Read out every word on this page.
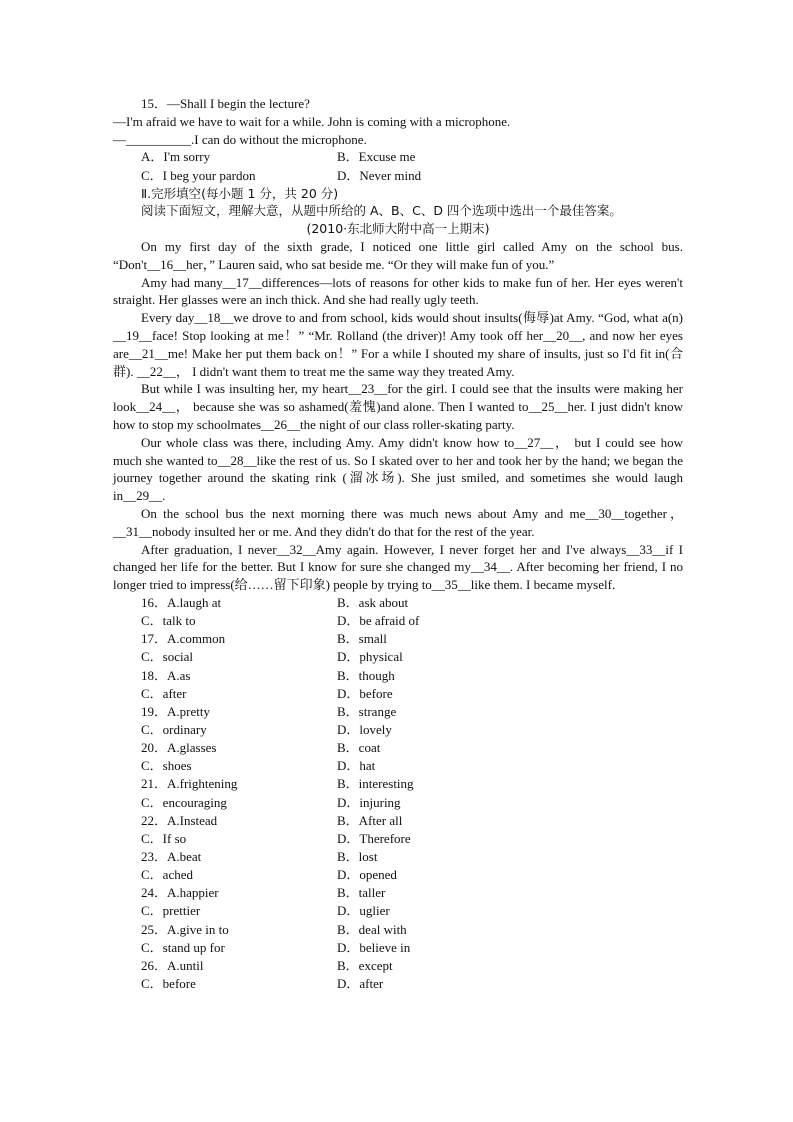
15．—Shall I begin the lecture?

—I'm afraid we have to wait for a while. John is coming with a microphone.

—__________.I can do without the microphone.

A．I'm sorry	B．Excuse me
C．I beg your pardon	D．Never mind

Ⅱ.完形填空(每小题 1 分，共 20 分)

阅读下面短文，理解大意，从题中所给的 A、B、C、D 四个选项中选出一个最佳答案。

(2010·东北师大附中高一上期末)

On my first day of the sixth grade, I noticed one little girl called Amy on the school bus. “Don't__16__her，” Lauren said, who sat beside me. “Or they will make fun of you.”

Amy had many__17__differences—lots of reasons for other kids to make fun of her. Her eyes weren't straight. Her glasses were an inch thick. And she had really ugly teeth.

Every day__18__we drove to and from school, kids would shout insults(侮辱)at Amy. “God, what a(n) __19__face! Stop looking at me！” “Mr. Rolland (the driver)! Amy took off her__20__, and now her eyes are__21__me! Make her put them back on！” For a while I shouted my share of insults, just so I'd fit in(合群). __22__， I didn't want them to treat me the same way they treated Amy.

But while I was insulting her, my heart__23__for the girl. I could see that the insults were making her look__24__， because she was so ashamed(羞愧)and alone. Then I wanted to__25__her. I just didn't know how to stop my schoolmates__26__the night of our class roller-skating party.

Our whole class was there, including Amy. Amy didn't know how to__27__， but I could see how much she wanted to__28__like the rest of us. So I skated over to her and took her by the hand; we began the journey together around the skating rink (溜冰场). She just smiled, and sometimes she would laugh in__29__.

On the school bus the next morning there was much news about Amy and me__30__together，__31__nobody insulted her or me. And they didn't do that for the rest of the year.

After graduation, I never__32__Amy again. However, I never forget her and I've always__33__if I changed her life for the better. But I know for sure she changed my__34__. After becoming her friend, I no longer tried to impress(给……留下印象) people by trying to__35__like them. I became myself.

16．A.laugh at	B．ask about
C．talk to	D．be afraid of
17．A.common	B．small
C．social	D．physical
18．A.as	B．though
C．after	D．before
19．A.pretty	B．strange
C．ordinary	D．lovely
20．A.glasses	B．coat
C．shoes	D．hat
21．A.frightening	B．interesting
C．encouraging	D．injuring
22．A.Instead	B．After all
C．If so	D．Therefore
23．A.beat	B．lost
C．ached	D．opened
24．A.happier	B．taller
C．prettier	D．uglier
25．A.give in to	B．deal with
C．stand up for	D．believe in
26．A.until	B．except
C．before	D．after
